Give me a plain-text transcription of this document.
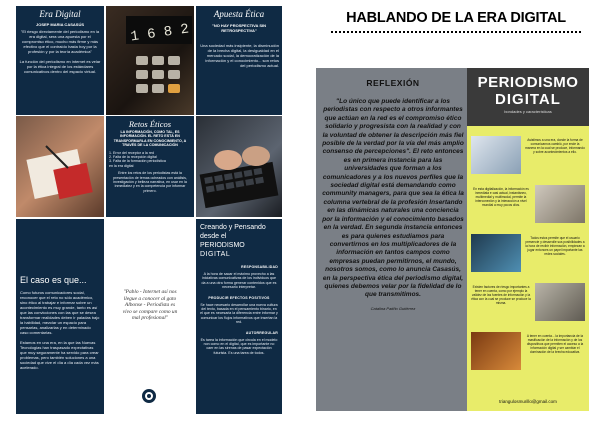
HABLANDO DE LA ERA DIGITAL
Era Digital
JOSEP MARIA CASASÚS
"El riesgo directamente del periodismo en la era digital, sera una apuesta por el compromiso ético, mucho más firme y más efectivo que el contraído hasta hoy por la profesión y por la teoría académica"
La función del periodismo en internet es velar por la ética integral de los estándares comunicativos dentro del espacio virtual.
1 6 8 2
Apuesta Ética
"NO HAY PROSPECTIVA SIN RETROSPECTIVA"
Una sociedad más insipiente, la disminución de la brecha digital, la desigualdad en el mercado social, la democratización de la información y el conocimiento... son retos del periodismo actual.
Retos Éticos
LA INFORMACIÓN, COMO TAL, ES INFORMACIÓN. EL RETO ESTÁ EN TRANSFORMARLA EN CONOCIMIENTO, A TRAVÉS DE LA COMUNICACIÓN
1. Error del receptor a la red
2. Falta de la recepción digital
3. Falta de la formación periodística
en la era digital
Entre los retos de los periodistas está la presentación de temas ocheados con análisis, investigación y belleza narrativa, en usar en la inmediatez y en la competencia por informar primero.
El caso es que...
Como futuros comunicadores social, reconocer que el reto no sólo académico, sino ético al trabajar e informar sobre un acontecimiento es muy grande, tanto es así que las convicciones con las que se desea transformar realidades deben ir paladas bajo la habilidad, mezclar un espacio para pensarlas, analizarlas y en determinado caso comentarlas.
Estamos en una era, en la que las Nuevas Tecnologías han traspasado expectativas que muy seguramente ha servido para crear problemas, pero también soluciones a una sociedad que vive el día a día cada vez más acelerado.
"Pablo - Internet así nos llegue a conocer al gato Albonse - Periodista es vivo se compare como un mal profesional"
Creando y Pensando
desde el
PERIODISMO
DIGITAL
RESPONSABILIDAD
A la hora de sacar el máximo provecho a las iniciativas comunicativas de los individuos que da a una otra forma generar contenidos que es necesario interpretar.
PRODUCIR EFECTOS POSITIVOS
Se hace necesario desarrollar una nueva cultura del texto, basada en el pensamiento binario, en el que es necesaria la diferencia entre informar y comunicar los flujos informativos que insertan la red.
AUTORREGULAR
Es tarea la información que circula en el modelo non como en el digital, que es importante no caer en las sirenas de pasar expectación futurista. Es una tarea de todos.
REFLEXIÓN
"Lo único que puede identificar a los periodistas con respecto a otros informantes que actúan en la red es el compromiso ético solidario y progresista con la realidad y con la voluntad de obtener la descripción más fiel posible de la verdad por la vía del más amplio consenso de percepciones". El reto entonces es en primera instancia para las universidades que forman a los comunicadores y a los nuevos perfiles que la sociedad digital está demandando como community managers, para que sea la ética la columna vertebral de la profesión Insertando en las dinámicas naturales una conciencia por la información y el conocimiento basados en la verdad. En segunda instancia entonces es para quienes estudiamos para convertirnos en los multiplicadores de la información en tantos campos como empresas puedan permitirnos, el mundo, nosotros somos, como lo anuncia Casasús, en la perspectiva ética del periodismo digital, quienes debemos velar por la fidelidad de lo que transmitimos.
Catalina Patiño Gutiérrez
PERIODISMO
DIGITAL
bondades y características
Asistimos a una era, donde la forma de comunicarnos cambió, por ende la manera en la cual se produce, informando y sobre acontecimientos a ello.
En esta digitalización, la información es inmediata e casi actual, instantáneo, multimedial y multimodal, permite la interconexión y la interacción a nivel mundial a muy pocos clics.
Todos estos permite que el usuario presencie y desarrolle sus posibilidades a la hora de recibir información, empiezan a jugar entonces un papel importante las redes sociales.
Existen factores de riesgo importantes a tener en cuenta, como por ejemplo la validez de las fuentes de información y la ética con la cual se produce se produce la misma.
A tener en cuenta... la importancia de la masificación de la información y de los dispositivos que permiten el acceso a la información digital y ser cambiar el dominación de la brecha educativa.
triangulosmurillo@gmail.com
